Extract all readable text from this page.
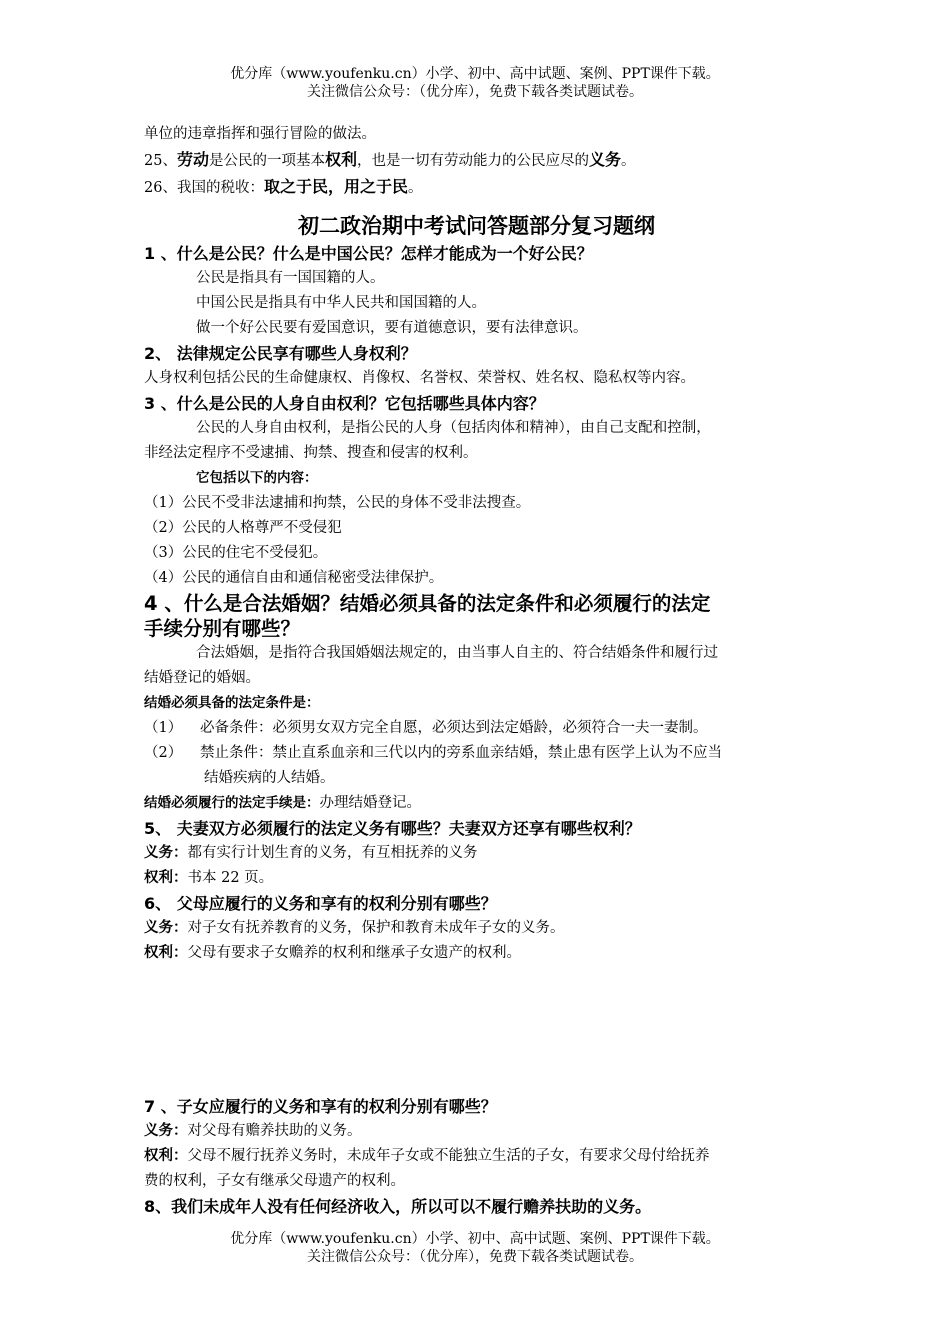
优分库（www.youfenku.cn）小学、初中、高中试题、案例、PPT课件下载。
关注微信公众号：（优分库），免费下载各类试题试卷。
单位的违章指挥和强行冒险的做法。
25、劳动是公民的一项基本权利，也是一切有劳动能力的公民应尽的义务。
26、我国的税收：取之于民，用之于民。
初二政治期中考试问答题部分复习题纲
1 、什么是公民？什么是中国公民？怎样才能成为一个好公民？
公民是指具有一国国籍的人。
中国公民是指具有中华人民共和国国籍的人。
做一个好公民要有爱国意识，要有道德意识，要有法律意识。
2、 法律规定公民享有哪些人身权利？
人身权利包括公民的生命健康权、肖像权、名誉权、荣誉权、姓名权、隐私权等内容。
3 、什么是公民的人身自由权利？它包括哪些具体内容？
公民的人身自由权利，是指公民的人身（包括肉体和精神），由自己支配和控制，
非经法定程序不受逮捕、拘禁、搜查和侵害的权利。
它包括以下的内容：
（1）公民不受非法逮捕和拘禁，公民的身体不受非法搜查。
（2）公民的人格尊严不受侵犯
（3）公民的住宅不受侵犯。
（4）公民的通信自由和通信秘密受法律保护。
4 、什么是合法婚姻？结婚必须具备的法定条件和必须履行的法定
手续分别有哪些？
合法婚姻，是指符合我国婚姻法规定的，由当事人自主的、符合结婚条件和履行过
结婚登记的婚姻。
结婚必须具备的法定条件是：
（1）	必备条件：必须男女双方完全自愿，必须达到法定婚龄，必须符合一夫一妻制。
（2）	禁止条件：禁止直系血亲和三代以内的旁系血亲结婚，禁止患有医学上认为不应当
结婚疾病的人结婚。
结婚必须履行的法定手续是：办理结婚登记。
5、 夫妻双方必须履行的法定义务有哪些？夫妻双方还享有哪些权利？
义务：都有实行计划生育的义务，有互相抚养的义务
权利：书本 22 页。
6、 父母应履行的义务和享有的权利分别有哪些？
义务：对子女有抚养教育的义务，保护和教育未成年子女的义务。
权利：父母有要求子女赡养的权利和继承子女遗产的权利。
7 、子女应履行的义务和享有的权利分别有哪些？
义务：对父母有赡养扶助的义务。
权利：父母不履行抚养义务时，未成年子女或不能独立生活的子女，有要求父母付给抚养
费的权利，子女有继承父母遗产的权利。
8、我们未成年人没有任何经济收入，所以可以不履行赡养扶助的义务。
优分库（www.youfenku.cn）小学、初中、高中试题、案例、PPT课件下载。
关注微信公众号：（优分库），免费下载各类试题试卷。
